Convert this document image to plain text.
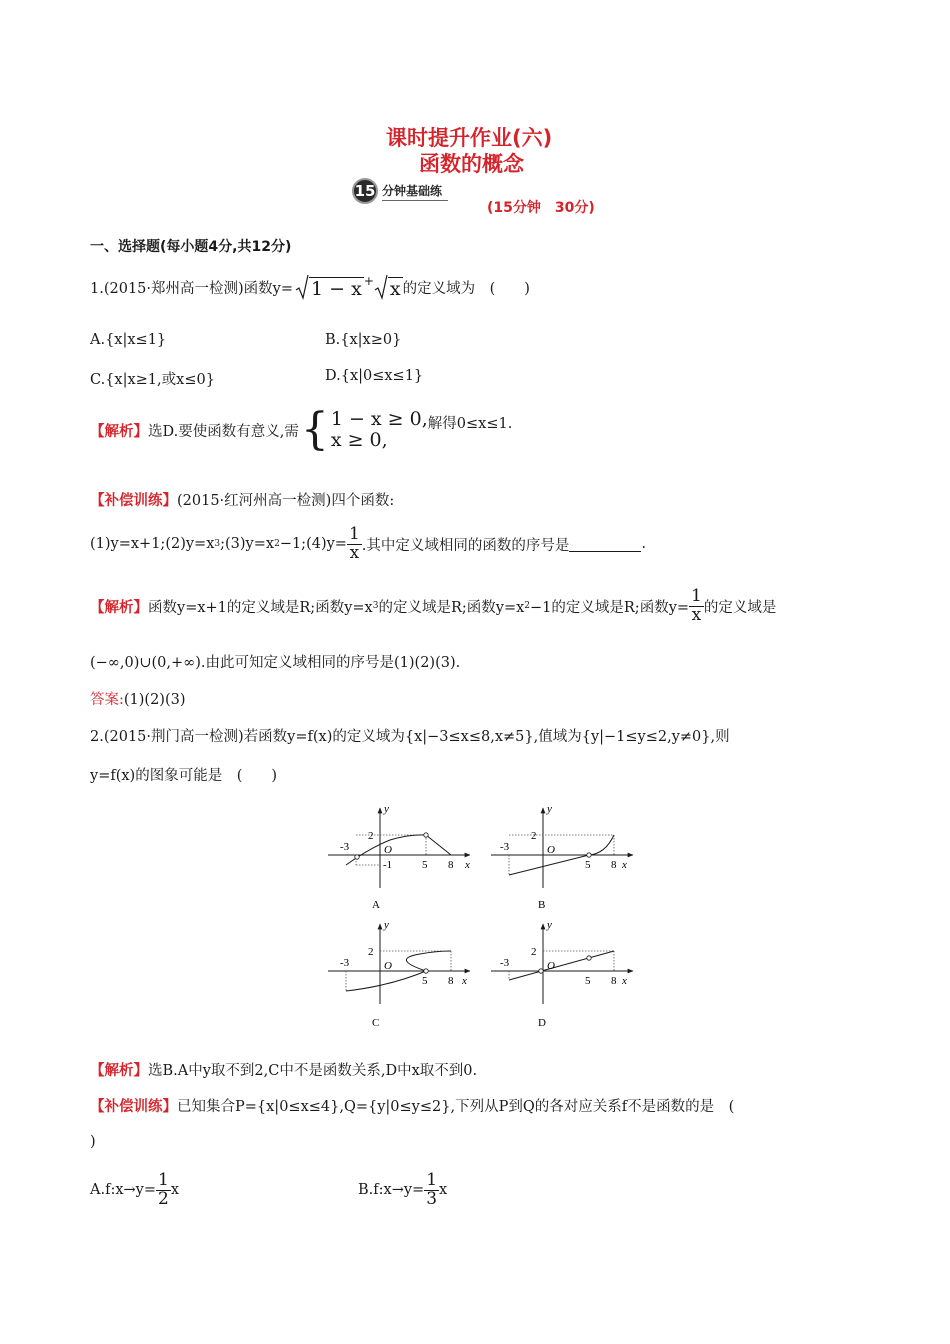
课时提升作业(六)
函数的概念
15 分钟基础练
(15分钟　30分)
一、选择题(每小题4分,共12分)
1.(2015·郑州高一检测)函数y= 1 − x + x 的定义域为　(　　)
A.{x|x≤1}	B.{x|x≥0}
C.{x|x≥1,或x≤0}	D.{x|0≤x≤1}
【解析】 选D.要使函数有意义,需 { 1 − x ≥ 0,
x ≥ 0,
解得0≤x≤1.
【补偿训练】(2015·红河州高一检测)四个函数:
(1)y=x+1;(2)y=x 3 ;(3)y=x 2 −1;(4)y= $\frac{1}{x}$ .其中定义域相同的函数的序号是	.
【解析】 函数y=x+1的定义域是R;函数y=x 3 的定义域是R;函数y=x 2 −1的定义域是R;函数$y= \frac{1}{x}$ 的定义域是
(−∞,0)∪(0,+∞).由此可知定义域相同的序号是(1)(2)(3).
答案:(1)(2)(3)
2.(2015·荆门高一检测)若函数y=f(x)的定义域为{x|−3≤x≤8,x≠5},值域为{y|−1≤y≤2,y≠0},则
y=f(x)的图象可能是　(　　)
-3
2
O
-1	5 8 x
y
A
-3
2
O
5 8 x
y
B
-3
2
O
5 8 x
y
C
-3
2
O
5 8 x
y
D
【解析】选B.A中y取不到2,C中不是函数关系,D中x取不到0.
【补偿训练】已知集合P={x|0≤x≤4},Q={y|0≤y≤2},下列从P到Q的各对应关系f不是函数的是　(
)
A.f:x→y= $\frac{1}{2}$ x	B.f:x→y= $\frac{1}{3}$ x
